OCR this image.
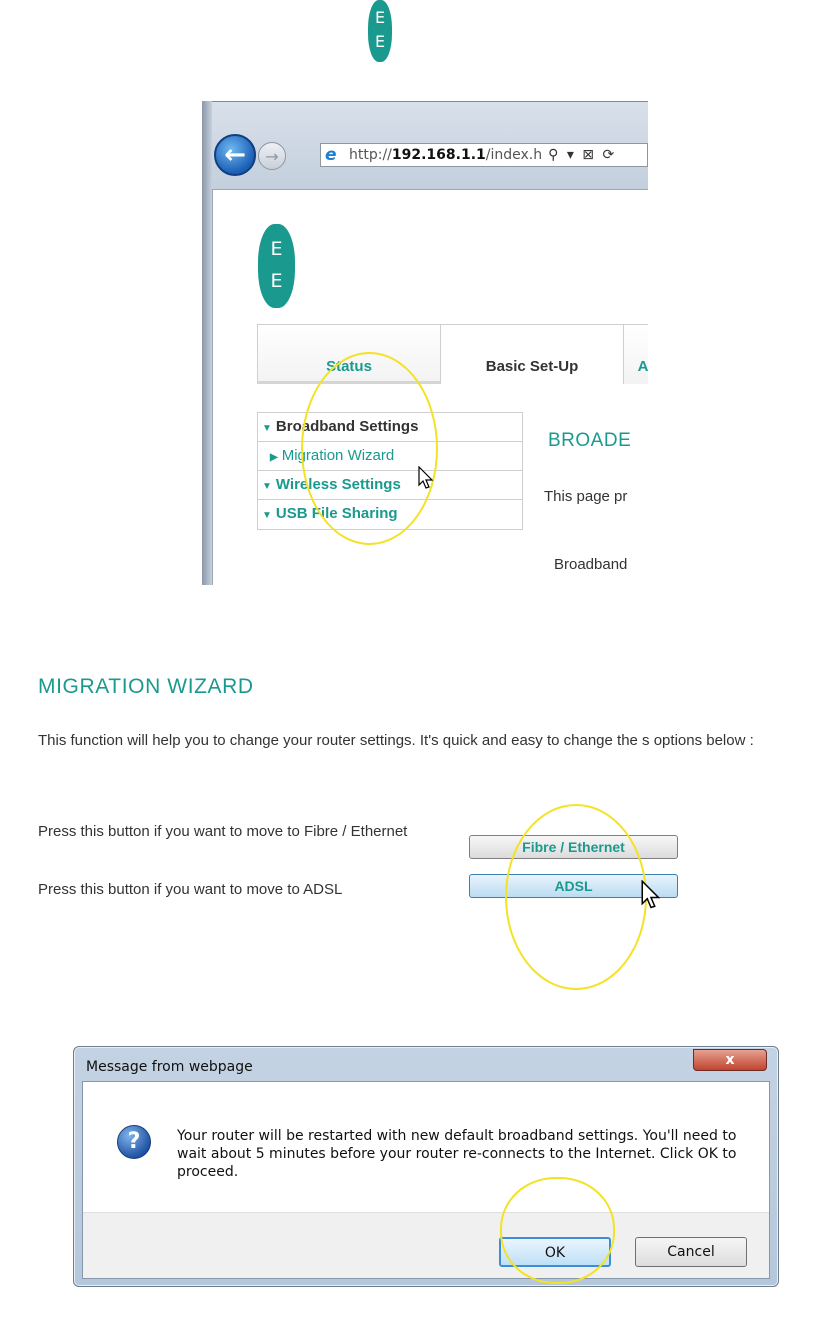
E
E
← →	e http://192.168.1.1/index.h ⚲ ▾ ⊠ ⟳
E
E
Status	Basic Set-Up	A
▼ Broadband Settings
▶ Migration Wizard
▼ Wireless Settings
▼ USB File Sharing
BROADE
This page pr
Broadband
MIGRATION WIZARD
This function will help you to change your router settings. It's quick and easy to change the s options below :
Press this button if you want to move to Fibre / Ethernet
Press this button if you want to move to ADSL
Fibre / Ethernet
ADSL
Message from webpage	x
?	Your router will be restarted with new default broadband settings. You'll need to wait about 5 minutes before your router re-connects to the Internet. Click OK to proceed.
OK	Cancel
